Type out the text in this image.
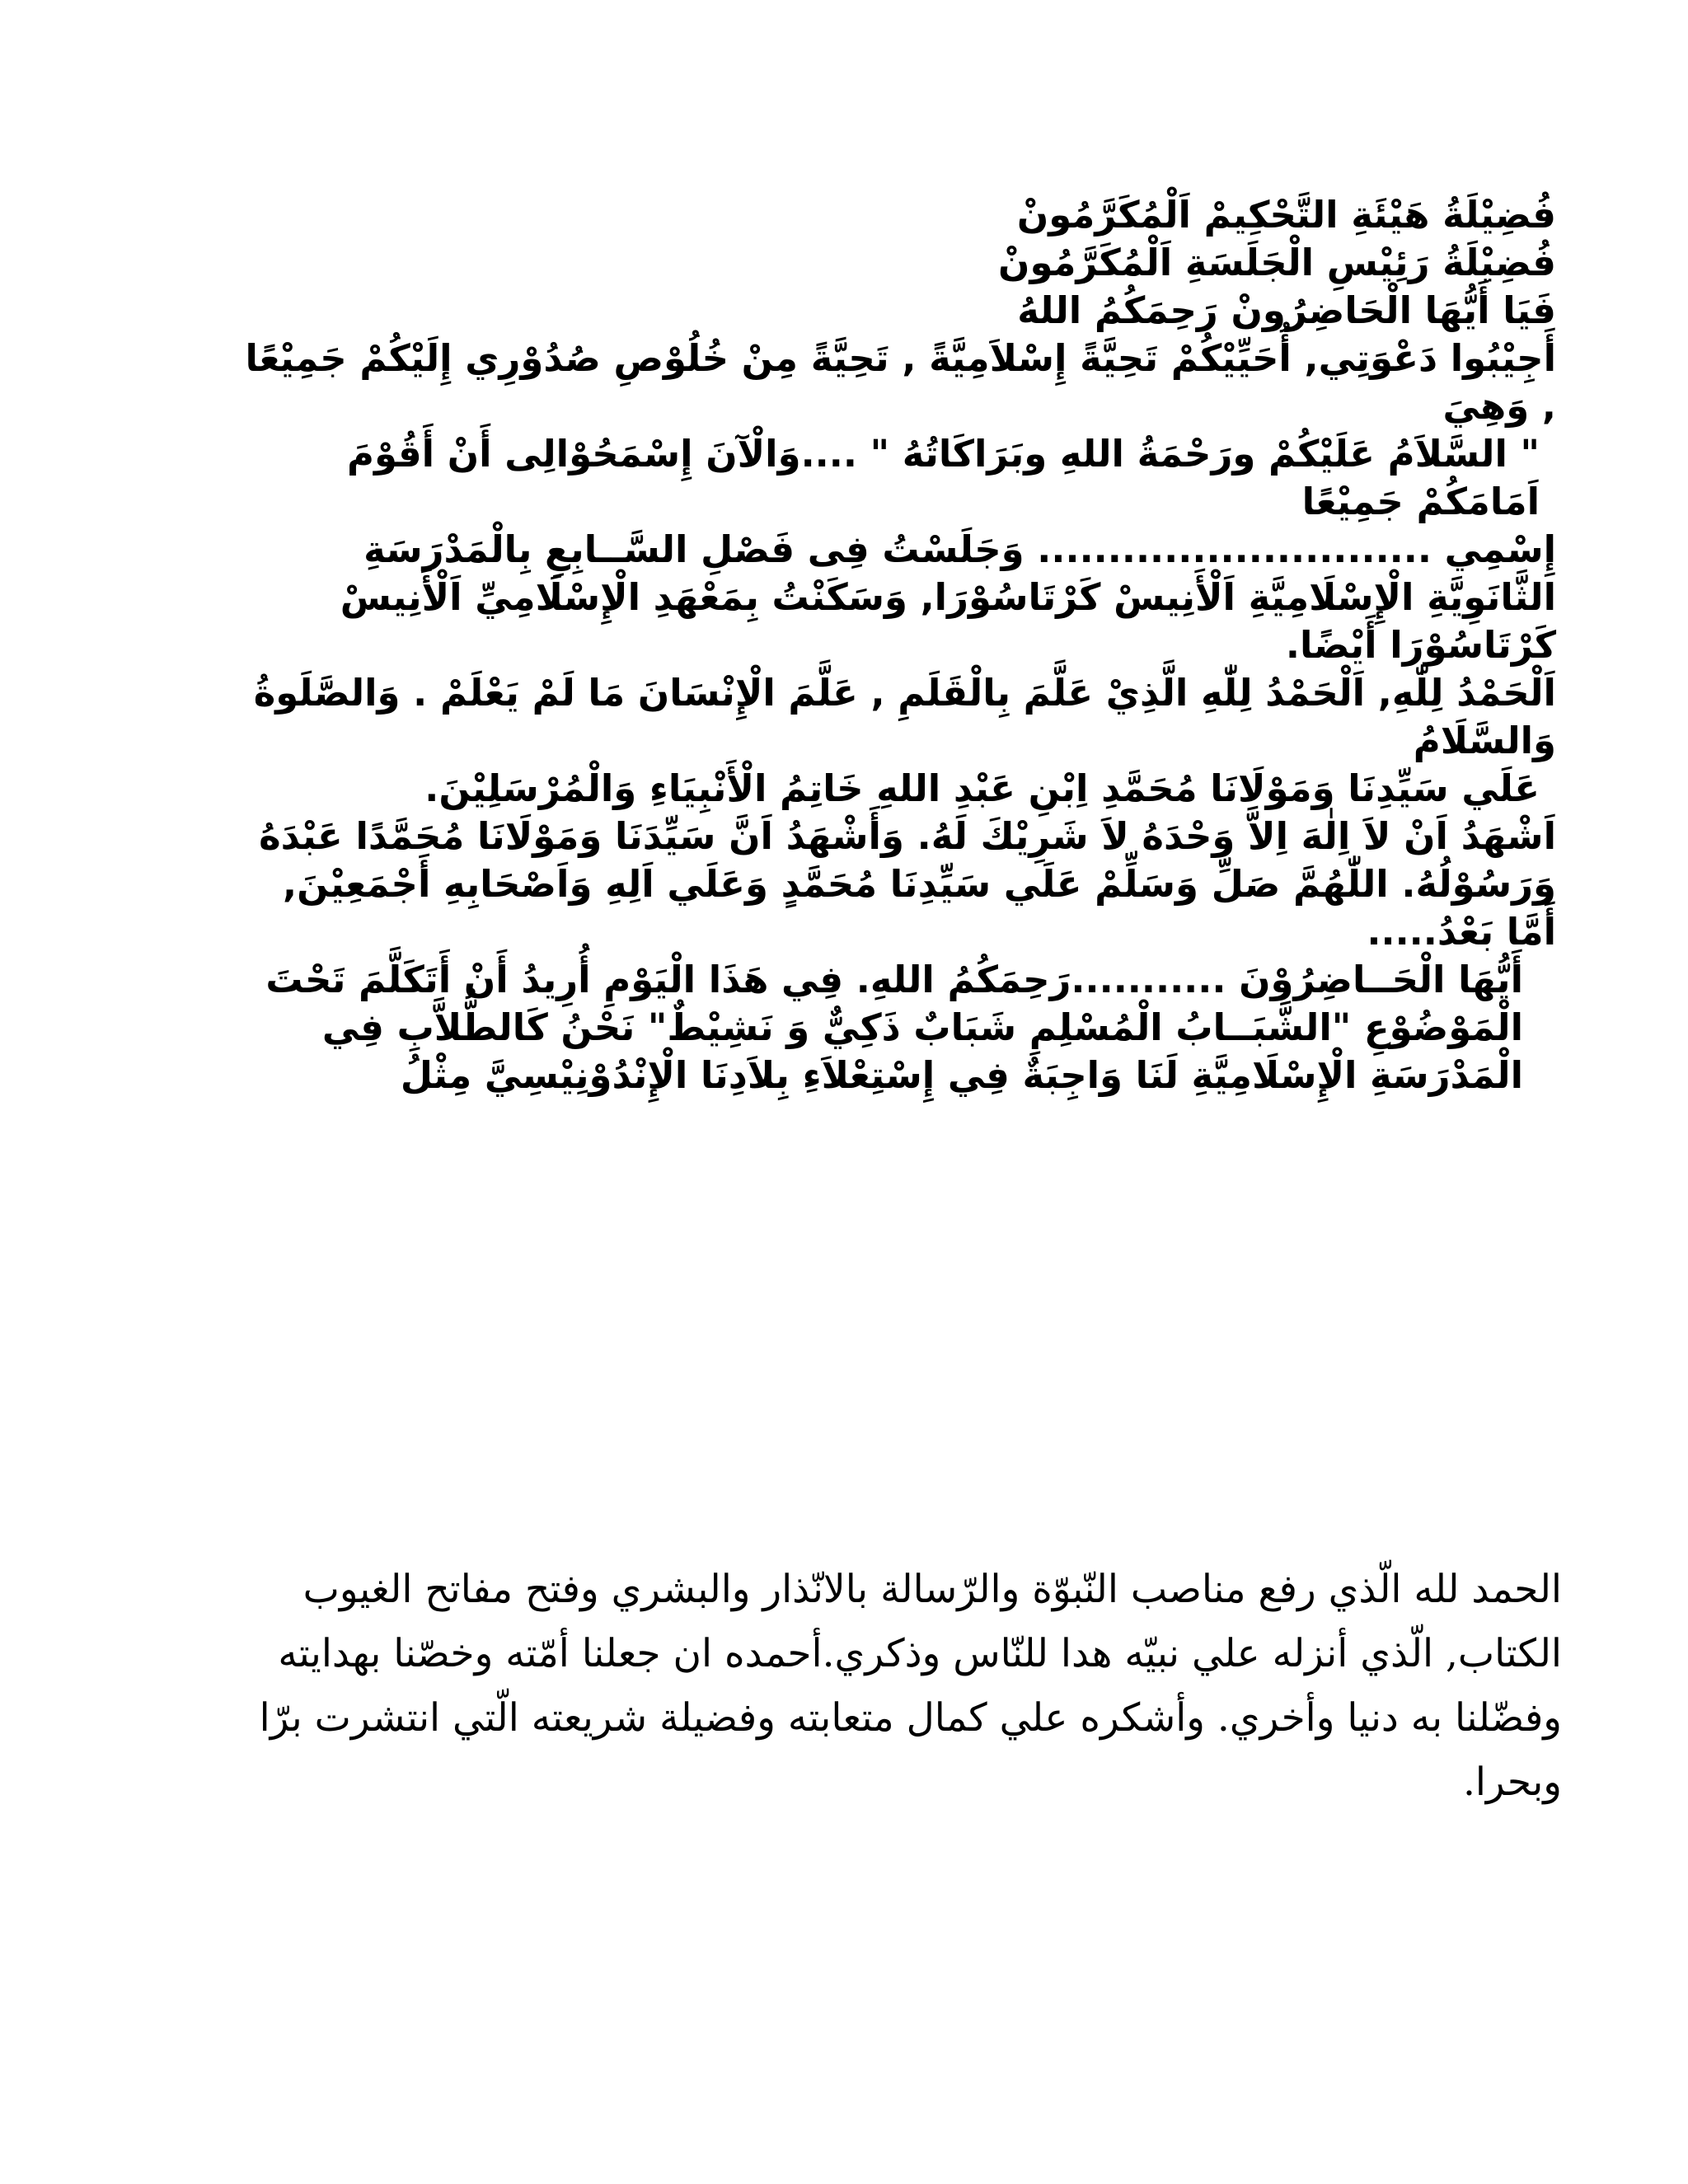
فُضِيْلَةُ هَيْئَةِ التَّحْكِيمْ اَلْمُكَرَّمُونْ

فُضِيْلَةُ رَئِيْسِ الْجَلَسَةِ اَلْمُكَرَّمُونْ

فَيَا أَيُّهَا الْحَاضِرُونْ رَحِمَكُمُ اللهُ

أَجِيْبُوا دَعْوَتِي, أُحَيِّيْكُمْ تَحِيَّةً إِسْلاَمِيَّةً , تَحِيَّةً مِنْ خُلُوْصِ صُدُوْرِي إِلَيْكُمْ جَمِيْعًا , وَهِيَ

" السَّلاَمُ عَلَيْكُمْ ورَحْمَةُ اللهِ وبَرَاكَاتُهُ " ....وَالْآنَ إِسْمَحُوْالِى أَنْ أَقُوْمَ اَمَامَكُمْ جَمِيْعًا

إِسْمِي ............................ وَجَلَسْتُ فِى فَصْلِ السَّــابِعِ بِالْمَدْرَسَةِ الثَّانَوِيَّةِ الْإِسْلَامِيَّةِ اَلْأَنِيسْ كَرْتَاسُوْرَا, وَسَكَنْتُ بِمَعْهَدِ الْإِسْلَامِيِّ اَلْأَنِيسْ كَرْتَاسُوْرَا أَيْضًا.

اَلْحَمْدُ لِلّٰهِ, اَلْحَمْدُ لِلّٰهِ الَّذِيْ عَلَّمَ بِالْقَلَمِ , عَلَّمَ الْإِنْسَانَ مَا لَمْ يَعْلَمْ . وَالصَّلَوةُ وَالسَّلَامُ

عَلَي سَيِّدِنَا وَمَوْلَانَا مُحَمَّدِ اِبْنِ عَبْدِ اللهِ خَاتِمُ الْأَنْبِيَاءِ وَالْمُرْسَلِيْنَ.

اَشْهَدُ اَنْ لاَ اِلٰهَ اِلاَّ وَحْدَهُ لاَ شَرِيْكَ لَهُ. وَأَشْهَدُ اَنَّ سَيِّدَنَا وَمَوْلَانَا مُحَمَّدًا عَبْدَهُ وَرَسُوْلُهُ. اللّٰهُمَّ صَلِّ وَسَلِّمْ عَلَي سَيِّدِنَا مُحَمَّدٍ وَعَلَي اَلِهِ وَاَصْحَابِهِ أَجْمَعِيْنَ, أَمَّا بَعْدُ.....

أَيُّهَا الْحَــاضِرُوْنَ ...........رَحِمَكُمُ اللهِ. فِي هَذَا الْيَوْمِ أُرِيدُ أَنْ أَتَكَلَّمَ تَحْتَ الْمَوْضُوْعِ "الشَّبَــابُ الْمُسْلِمِ شَبَابٌ ذَكِيٌّ وَ نَشِيْطٌ" نَحْنُ كَالطُّلاَّبِ فِي الْمَدْرَسَةِ الْإِسْلَامِيَّةِ لَنَا وَاجِبَةٌ فِي إِسْتِعْلاَءِ بِلاَدِنَا الْإِنْدُوْنِيْسِيَّ مِثْلُ

الحمد لله الّذي رفع مناصب النّبوّة والرّسالة بالانّذار والبشري وفتح مفاتح الغيوب الكتاب, الّذي أنزله علي نبيّه هدا للنّاس وذكري.أحمده ان جعلنا أمّته وخصّنا بهدايته وفضّلنا به دنيا وأخري. وأشكره علي كمال متعابته وفضيلة شريعته الّتي انتشرت برّا وبحرا.
